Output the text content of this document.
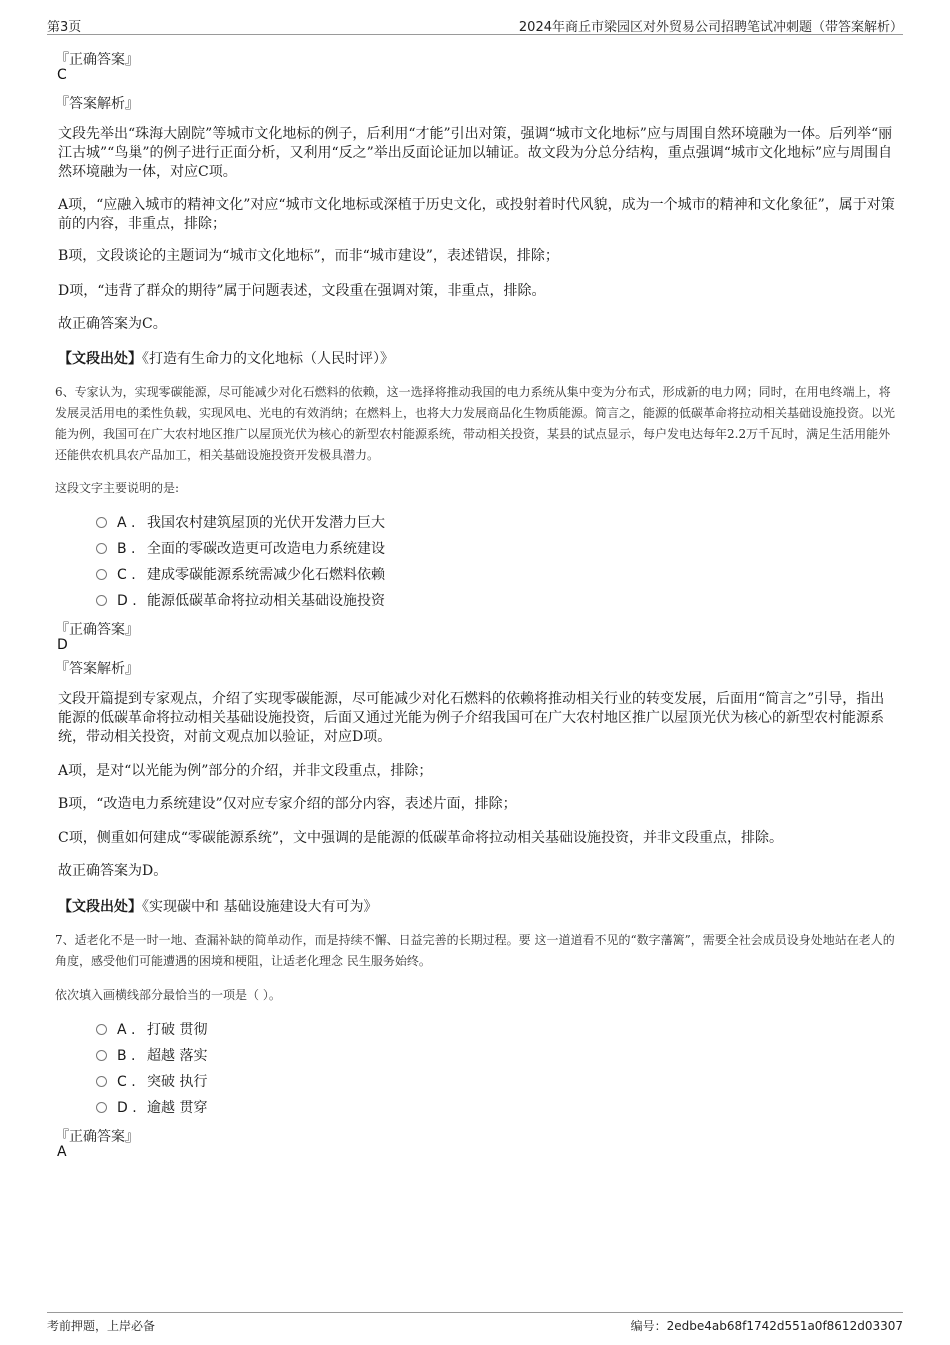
第3页	2024年商丘市梁园区对外贸易公司招聘笔试冲刺题（带答案解析）
『正确答案』
C
『答案解析』
文段先举出“珠海大剧院”等城市文化地标的例子，后利用“才能”引出对策，强调“城市文化地标”应与周围自然环境融为一体。后列举“丽江古城”“鸟巢”的例子进行正面分析，又利用“反之”举出反面论证加以辅证。故文段为分总分结构，重点强调“城市文化地标”应与周围自然环境融为一体，对应C项。
A项，“应融入城市的精神文化”对应“城市文化地标或深植于历史文化，或投射着时代风貌，成为一个城市的精神和文化象征”，属于对策前的内容，非重点，排除；
B项，文段谈论的主题词为“城市文化地标”，而非“城市建设”，表述错误，排除；
D项，“违背了群众的期待”属于问题表述，文段重在强调对策，非重点，排除。
故正确答案为C。
【文段出处】《打造有生命力的文化地标（人民时评）》
6、专家认为，实现零碳能源，尽可能减少对化石燃料的依赖，这一选择将推动我国的电力系统从集中变为分布式，形成新的电力网；同时，在用电终端上，将发展灵活用电的柔性负载，实现风电、光电的有效消纳；在燃料上，也将大力发展商品化生物质能源。简言之，能源的低碳革命将拉动相关基础设施投资。以光能为例，我国可在广大农村地区推广以屋顶光伏为核心的新型农村能源系统，带动相关投资，某县的试点显示，每户发电达每年2.2万千瓦时，满足生活用能外还能供农机具农产品加工，相关基础设施投资开发极具潜力。
这段文字主要说明的是:
A . 我国农村建筑屋顶的光伏开发潜力巨大
B . 全面的零碳改造更可改造电力系统建设
C . 建成零碳能源系统需减少化石燃料依赖
D . 能源低碳革命将拉动相关基础设施投资
『正确答案』
D
『答案解析』
文段开篇提到专家观点，介绍了实现零碳能源，尽可能减少对化石燃料的依赖将推动相关行业的转变发展，后面用“简言之”引导，指出能源的低碳革命将拉动相关基础设施投资，后面又通过光能为例子介绍我国可在广大农村地区推广以屋顶光伏为核心的新型农村能源系统，带动相关投资，对前文观点加以验证，对应D项。
A项，是对“以光能为例”部分的介绍，并非文段重点，排除；
B项，“改造电力系统建设”仅对应专家介绍的部分内容，表述片面，排除；
C项，侧重如何建成“零碳能源系统”，文中强调的是能源的低碳革命将拉动相关基础设施投资，并非文段重点，排除。
故正确答案为D。
【文段出处】《实现碳中和 基础设施建设大有可为》
7、适老化不是一时一地、查漏补缺的简单动作，而是持续不懈、日益完善的长期过程。要 这一道道看不见的“数字藩篱”，需要全社会成员设身处地站在老人的角度，感受他们可能遭遇的困境和梗阻，让适老化理念 民生服务始终。
依次填入画横线部分最恰当的一项是（ ）。
A . 打破 贯彻
B . 超越 落实
C . 突破 执行
D . 逾越 贯穿
『正确答案』
A
考前押题，上岸必备	编号：2edbe4ab68f1742d551a0f8612d03307
